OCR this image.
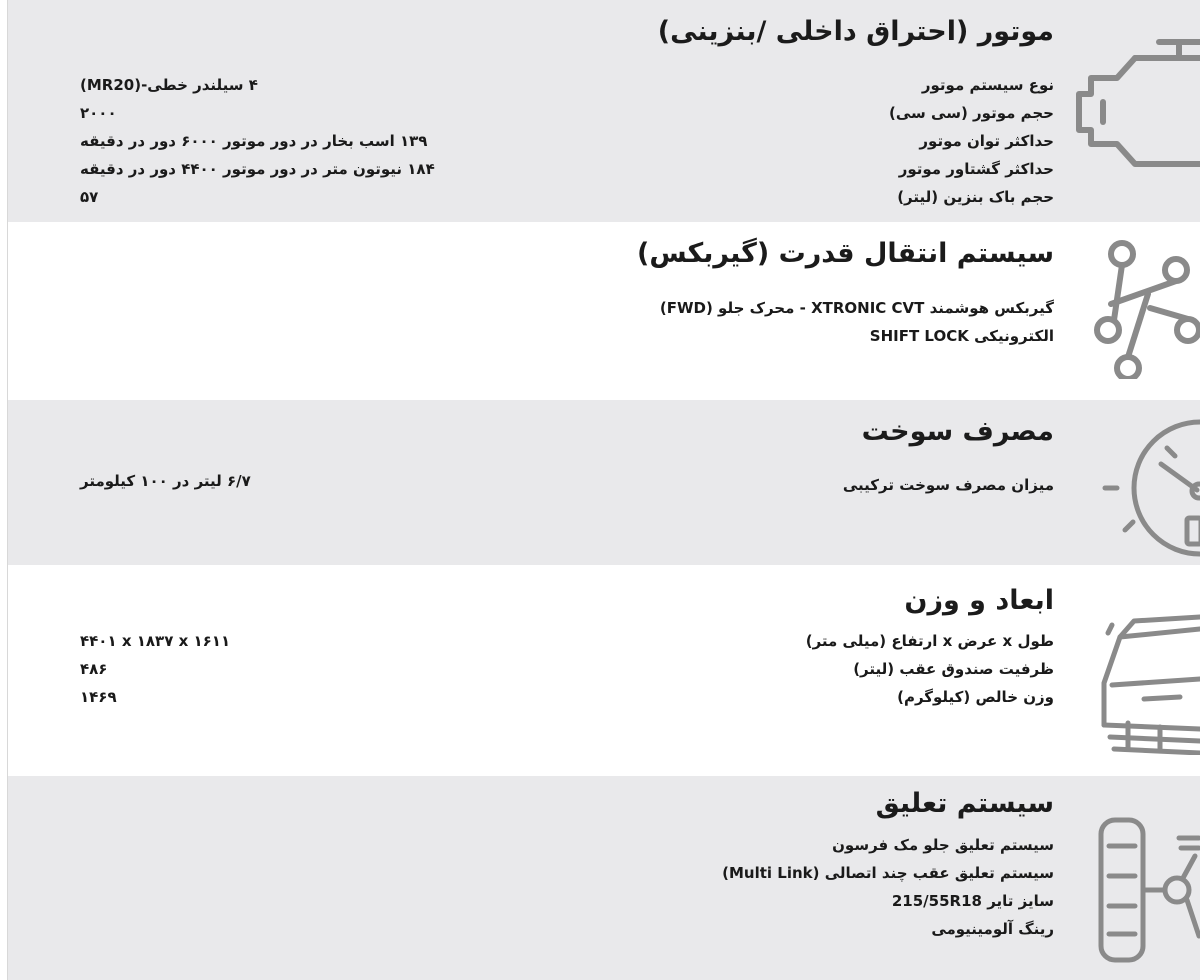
موتور (احتراق داخلی /بنزینی)
نوع سیستم موتور
حجم موتور (سی سی)
حداکثر توان موتور
حداکثر گشتاور موتور
حجم باک بنزین (لیتر)
۴ سیلندر خطی-(MR20)
۲۰۰۰
۱۳۹ اسب بخار در دور موتور ۶۰۰۰ دور در دقیقه
۱۸۴ نیوتون متر در دور موتور ۴۴۰۰ دور در دقیقه
۵۷
سیستم انتقال قدرت (گیربکس)
گیربکس هوشمند XTRONIC CVT - محرک جلو (FWD)
SHIFT LOCK الکترونیکی
مصرف سوخت
میزان مصرف سوخت ترکیبی
۶/۷ لیتر در ۱۰۰ کیلومتر
ابعاد و وزن
طول x عرض x ارتفاع (میلی متر)
ظرفیت صندوق عقب (لیتر)
وزن خالص (کیلوگرم)
۴۴۰۱ x ۱۸۳۷ x ۱۶۱۱
۴۸۶
۱۴۶۹
سیستم تعلیق
سیستم تعلیق جلو مک فرسون
سیستم تعلیق عقب چند اتصالی (Multi Link)
سایز تایر 215/55R18
رینگ آلومینیومی
